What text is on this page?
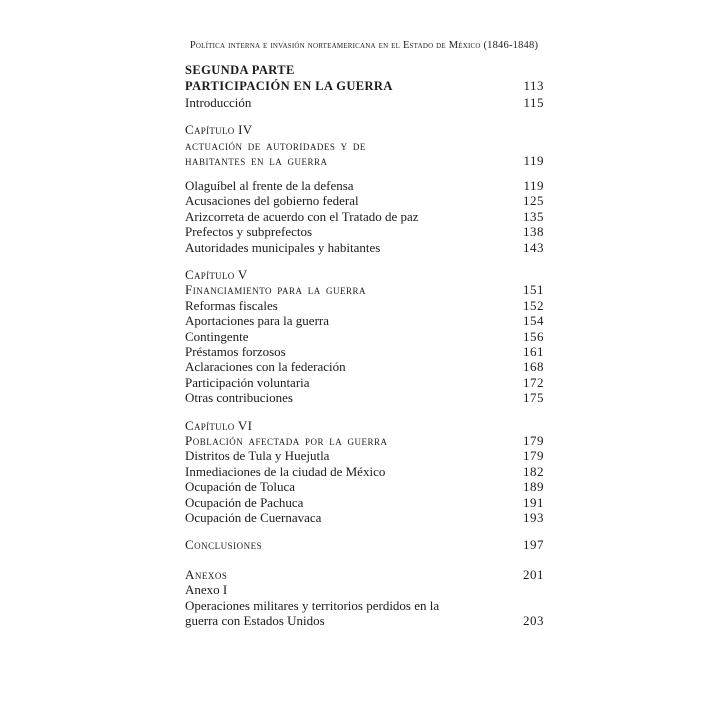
Política interna e invasión norteamericana en el Estado de México (1846-1848)
SEGUNDA PARTE
PARTICIPACIÓN EN LA GUERRA	113
Introducción	115
Capítulo IV
actuación de autoridades y de
habitantes en la guerra	119
Olaguíbel al frente de la defensa	119
Acusaciones del gobierno federal	125
Arizcorreta de acuerdo con el Tratado de paz	135
Prefectos y subprefectos	138
Autoridades municipales y habitantes	143
Capítulo V
Financiamiento para la guerra	151
Reformas fiscales	152
Aportaciones para la guerra	154
Contingente	156
Préstamos forzosos	161
Aclaraciones con la federación	168
Participación voluntaria	172
Otras contribuciones	175
Capítulo VI
Población afectada por la guerra	179
Distritos de Tula y Huejutla	179
Inmediaciones de la ciudad de México	182
Ocupación de Toluca	189
Ocupación de Pachuca	191
Ocupación de Cuernavaca	193
Conclusiones	197
Anexos	201
Anexo I
Operaciones militares y territorios perdidos en la
guerra con Estados Unidos	203
